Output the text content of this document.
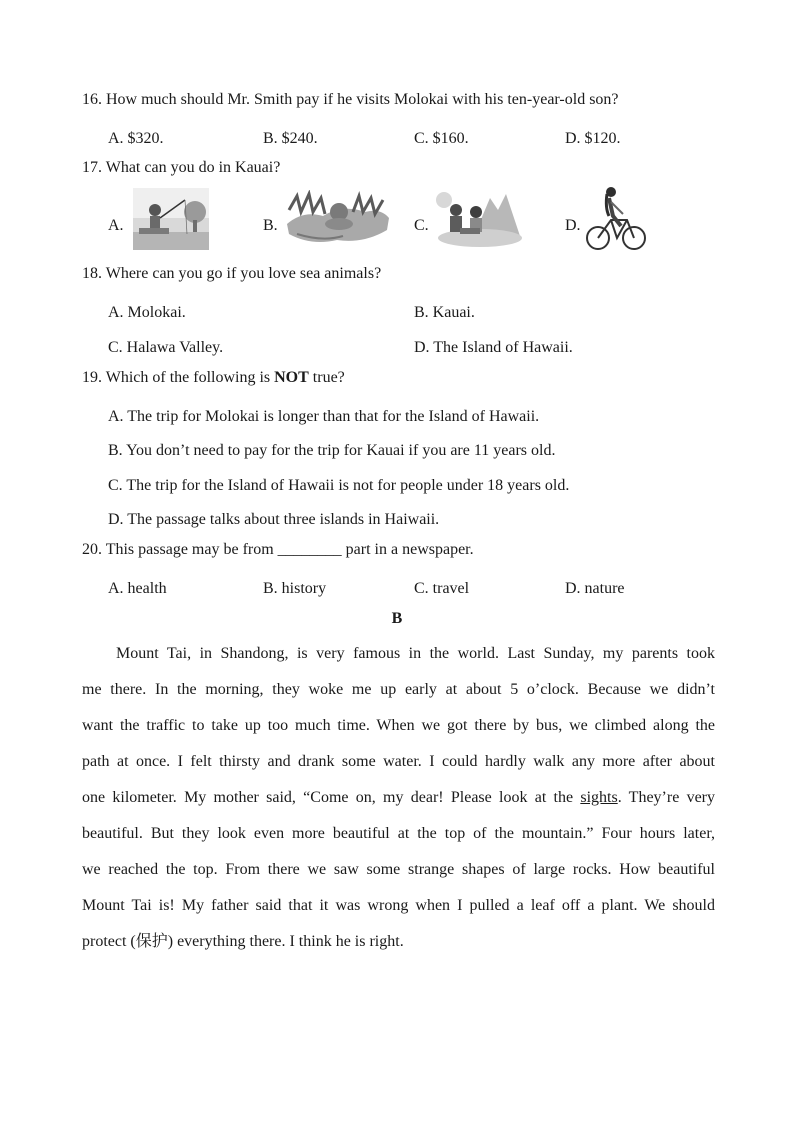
16. How much should Mr. Smith pay if he visits Molokai with his ten-year-old son?
A. $320.	B. $240.	C. $160.	D. $120.
17. What can you do in Kauai?
A.	B.	C.	D.
18. Where can you go if you love sea animals?
A. Molokai.	B. Kauai.
C. Halawa Valley.	D. The Island of Hawaii.
19. Which of the following is NOT true?
A. The trip for Molokai is longer than that for the Island of Hawaii.
B. You don’t need to pay for the trip for Kauai if you are 11 years old.
C. The trip for the Island of Hawaii is not for people under 18 years old.
D. The passage talks about three islands in Haiwaii.
20. This passage may be from ________ part in a newspaper.
A. health	B. history	C. travel	D. nature
B
Mount Tai, in Shandong, is very famous in the world. Last Sunday, my parents took
me there. In the morning, they woke me up early at about 5 o’clock. Because we didn’t
want the traffic to take up too much time. When we got there by bus, we climbed along the
path at once. I felt thirsty and drank some water. I could hardly walk any more after about
one kilometer. My mother said, “Come on, my dear! Please look at the sights. They’re very
beautiful. But they look even more beautiful at the top of the mountain.” Four hours later,
we reached the top. From there we saw some strange shapes of large rocks. How beautiful
Mount Tai is! My father said that it was wrong when I pulled a leaf off a plant. We should
protect (保护) everything there. I think he is right.
